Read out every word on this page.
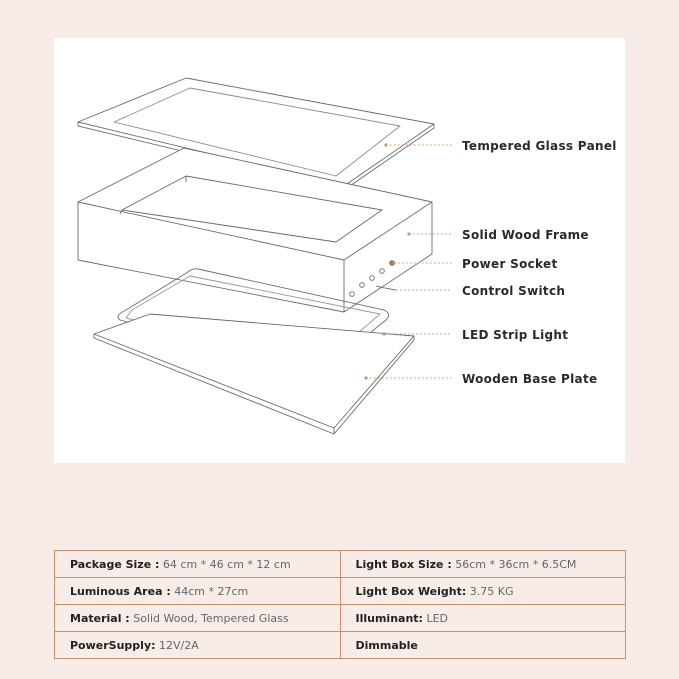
Tempered Glass Panel
Solid Wood Frame
Power Socket
Control Switch
LED Strip Light
Wooden Base Plate
Package Size : 64 cm * 46 cm * 12 cm	Light Box Size : 56cm * 36cm * 6.5CM
Luminous Area : 44cm * 27cm	Light Box Weight: 3.75 KG
Material : Solid Wood, Tempered Glass	Illuminant: LED
PowerSupply: 12V/2A	Dimmable
